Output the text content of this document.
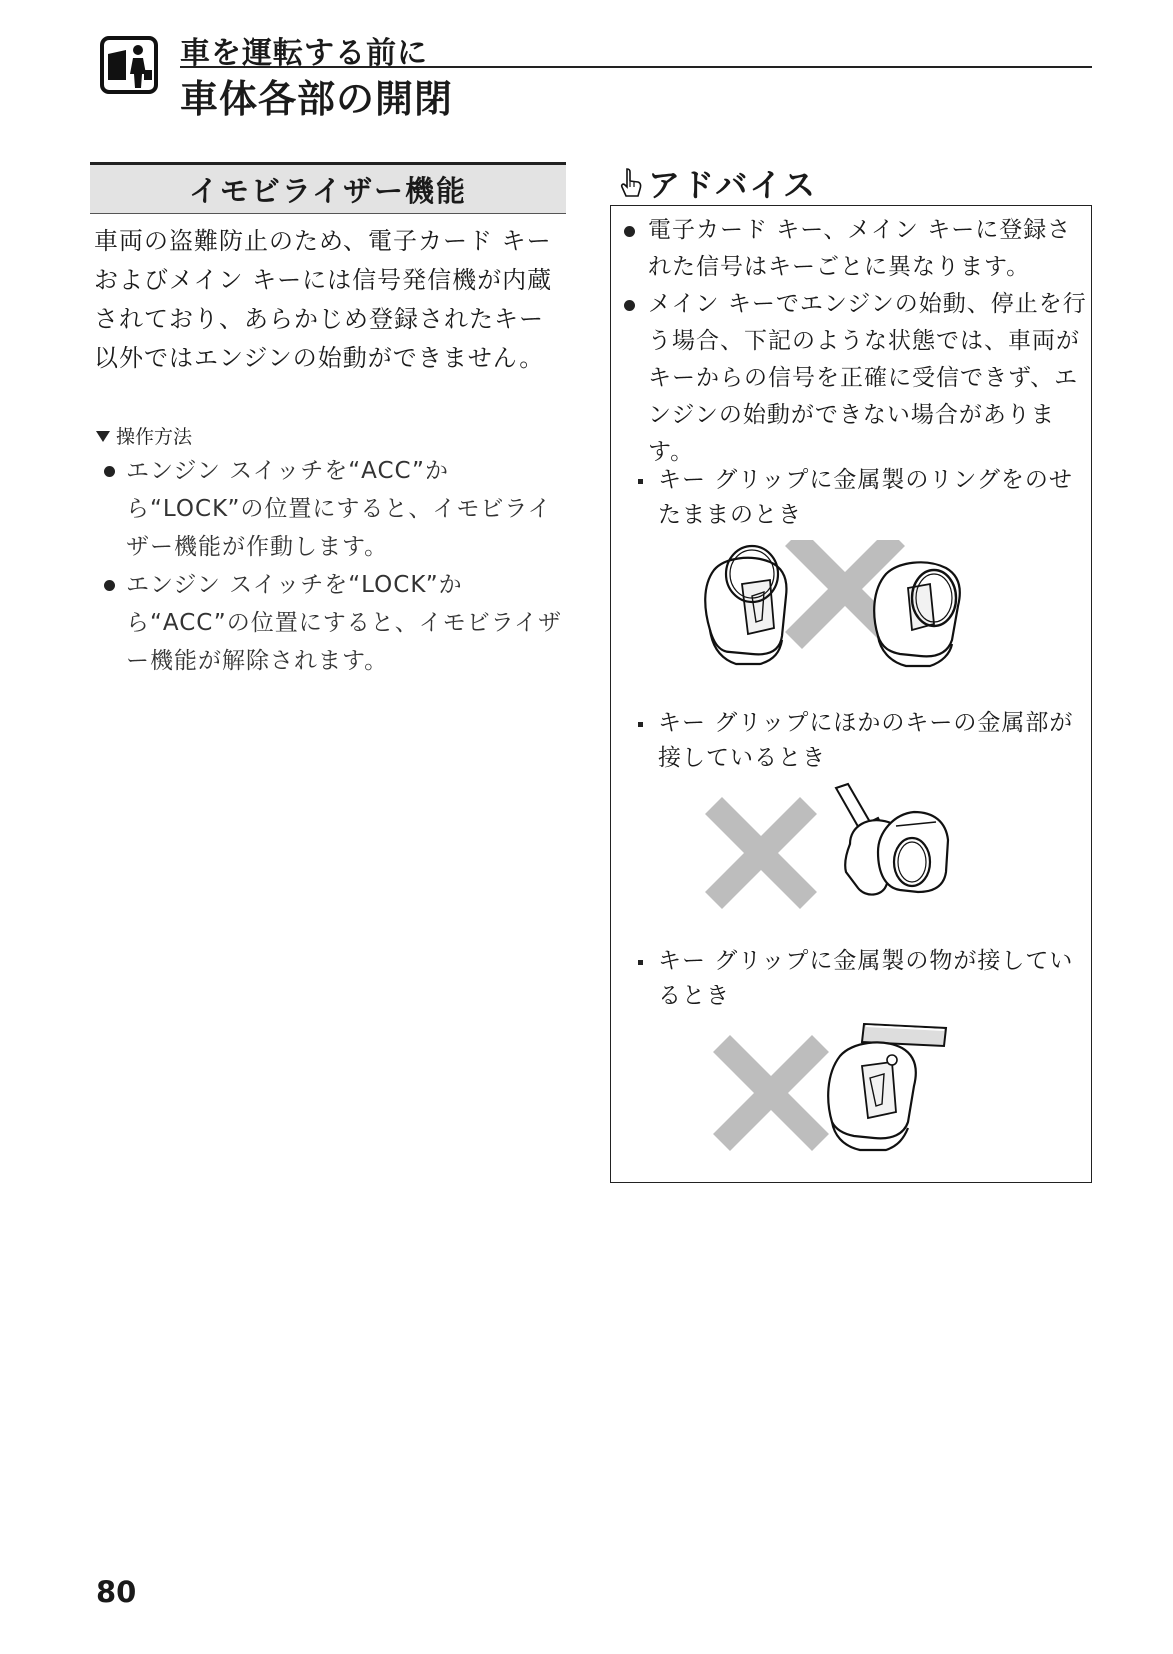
車を運転する前に
車体各部の開閉
イモビライザー機能

車両の盗難防止のため、電子カード キーおよびメイン キーには信号発信機が内蔵されており、あらかじめ登録されたキー以外ではエンジンの始動ができません。

操作方法
エンジン スイッチを“ACC”から“LOCK”の位置にすると、イモビライザー機能が作動します。
エンジン スイッチを“LOCK”から“ACC”の位置にすると、イモビライザー機能が解除されます。
アドバイス
電子カード キー、メイン キーに登録された信号はキーごとに異なります。
メイン キーでエンジンの始動、停止を行う場合、下記のような状態では、車両がキーからの信号を正確に受信できず、エンジンの始動ができない場合があります。
キー グリップに金属製のリングをのせたままのとき
キー グリップにほかのキーの金属部が接しているとき
キー グリップに金属製の物が接しているとき
80
